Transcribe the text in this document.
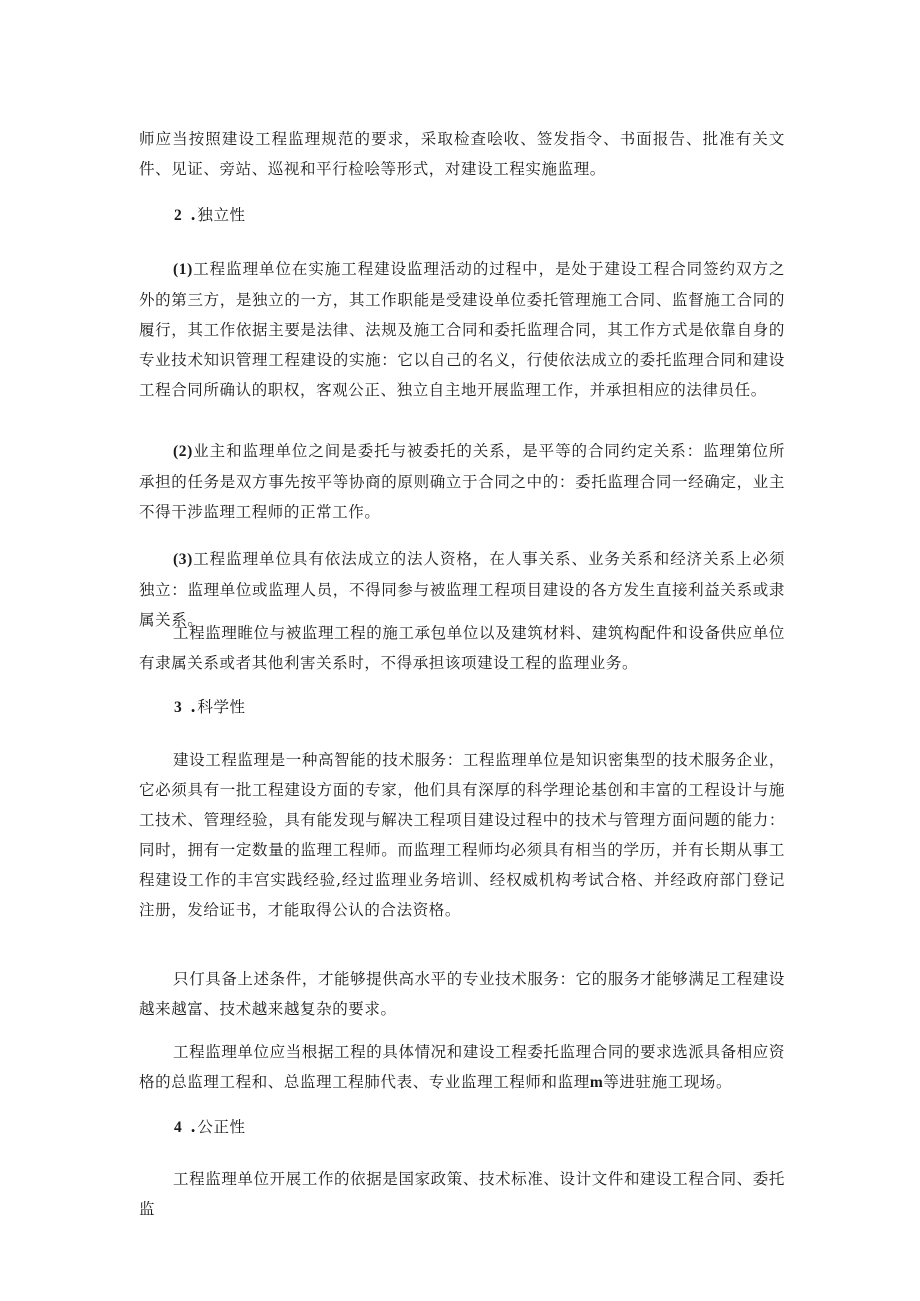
师应当按照建设工程监理规范的要求，采取检查哙收、签发指令、书面报告、批准有关文件、见证、旁站、巡视和平行检哙等形式，对建设工程实施监理。

2 .独立性

(1)工程监理单位在实施工程建设监理活动的过程中，是处于建设工程合同签约双方之外的第三方，是独立的一方，其工作职能是受建设单位委托管理施工合同、监督施工合同的履行，其工作依据主要是法律、法规及施工合同和委托监理合同，其工作方式是依靠自身的专业技术知识管理工程建设的实施：它以自己的名义，行使依法成立的委托监理合同和建设工程合同所确认的职权，客观公正、独立自主地开展监理工作，并承担相应的法律员任。

(2)业主和监理单位之间是委托与被委托的关系，是平等的合同约定关系：监理第位所承担的任务是双方事先按平等协商的原则确立于合同之中的：委托监理合同一经确定，业主不得干涉监理工程师的正常工作。

(3)工程监理单位具有依法成立的法人资格，在人事关系、业务关系和经济关系上必须独立：监理单位或监理人员，不得同参与被监理工程项目建设的各方发生直接利益关系或隶属关系。

工程监理睢位与被监理工程的施工承包单位以及建筑材料、建筑构配件和设备供应单位有隶属关系或者其他利害关系时，不得承担该项建设工程的监理业务。

3 .科学性

建设工程监理是一种高智能的技术服务：工程监理单位是知识密集型的技术服务企业，它必须具有一批工程建设方面的专家，他们具有深厚的科学理论基创和丰富的工程设计与施工技术、管理经验，具有能发现与解决工程项目建设过程中的技术与管理方面问题的能力：同时，拥有一定数量的监理工程师。而监理工程师均必须具有相当的学历，并有长期从事工程建设工作的丰宫实践经验,经过监理业务培训、经权威机构考试合格、并经政府部门登记注册，发给证书，才能取得公认的合法资格。

只仃具备上述条件，才能够提供高水平的专业技术服务：它的服务才能够满足工程建设越来越富、技术越来越复杂的要求。

工程监理单位应当根据工程的具体情况和建设工程委托监理合同的要求选派具备相应资格的总监理工程和、总监理工程肺代表、专业监理工程师和监理m等进驻施工现场。

4 .公正性

工程监理单位开展工作的依据是国家政策、技术标准、设计文件和建设工程合同、委托监
